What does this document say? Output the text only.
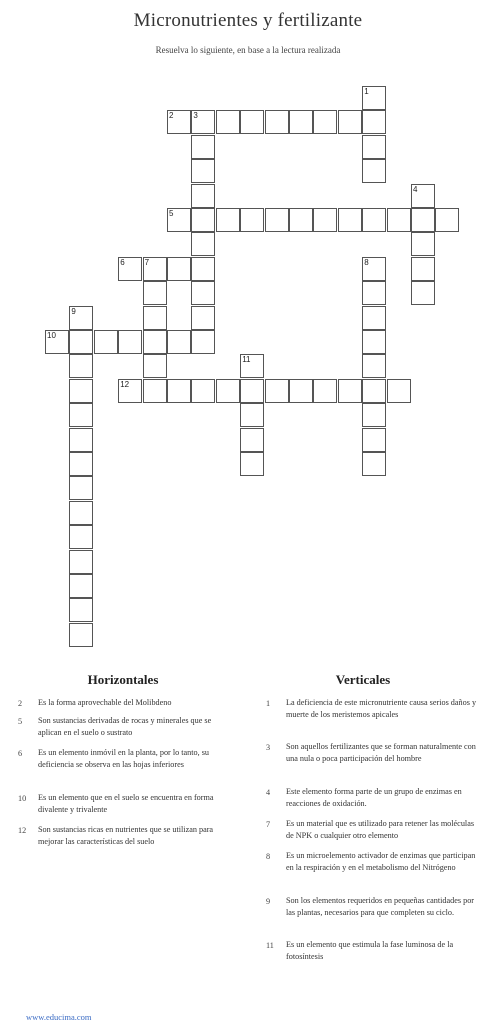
Micronutrientes y fertilizante
Resuelva lo siguiente, en base a la lectura realizada
1
2 3
4
5
6 7	8
9
10
11
12
Horizontales	Verticales
2	Es la forma aprovechable del Molibdeno
5	Son sustancias derivadas de rocas y minerales que se aplican en el suelo o sustrato
6	Es un elemento inmóvil en la planta, por lo tanto, su deficiencia se observa en las hojas inferiores
10	Es un elemento que en el suelo se encuentra en forma divalente y trivalente
12	Son sustancias ricas en nutrientes que se utilizan para mejorar las características del suelo
1	La deficiencia de este micronutriente causa serios daños y muerte de los meristemos apicales
3	Son aquellos fertilizantes que se forman naturalmente con una nula o poca participación del hombre
4	Este elemento forma parte de un grupo de enzimas en reacciones de oxidación.
7	Es un material que es utilizado para retener las moléculas de NPK o cualquier otro elemento
8	Es un microelemento activador de enzimas que participan en la respiración y en el metabolismo del Nitrógeno
9	Son los elementos requeridos en pequeñas cantidades por las plantas, necesarios para que completen su ciclo.
11	Es un elemento que estimula la fase luminosa de la fotosíntesis
www.educima.com
